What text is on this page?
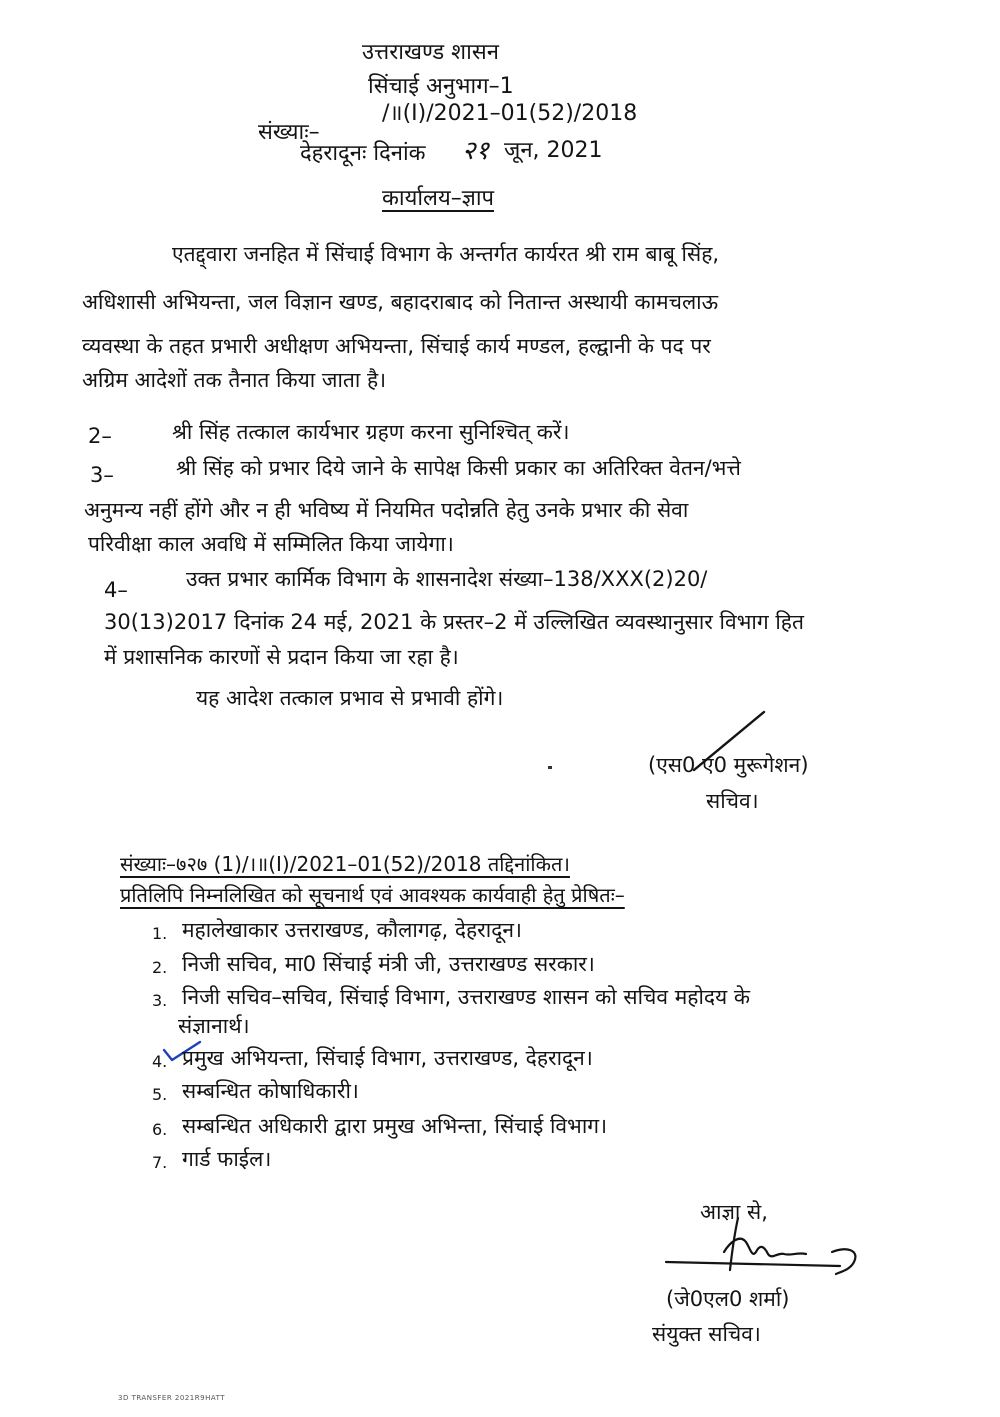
उत्तराखण्ड शासन
सिंचाई अनुभाग–1
संख्याः–
/॥(I)/2021–01(52)/2018
देहरादूनः दिनांक २१ जून, 2021
कार्यालय–ज्ञाप
एतद्द्वारा जनहित में सिंचाई विभाग के अन्तर्गत कार्यरत श्री राम बाबू सिंह,
अधिशासी अभियन्ता, जल विज्ञान खण्ड, बहादराबाद को नितान्त अस्थायी कामचलाऊ
व्यवस्था के तहत प्रभारी अधीक्षण अभियन्ता, सिंचाई कार्य मण्डल, हल्द्वानी के पद पर
अग्रिम आदेशों तक तैनात किया जाता है।
2–	श्री सिंह तत्काल कार्यभार ग्रहण करना सुनिश्चित् करें।
3–	श्री सिंह को प्रभार दिये जाने के सापेक्ष किसी प्रकार का अतिरिक्त वेतन/भत्ते
अनुमन्य नहीं होंगे और न ही भविष्य में नियमित पदोन्नति हेतु उनके प्रभार की सेवा
परिवीक्षा काल अवधि में सम्मिलित किया जायेगा।
4–	उक्त प्रभार कार्मिक विभाग के शासनादेश संख्या–138/XXX(2)20/
30(13)2017 दिनांक 24 मई, 2021 के प्रस्तर–2 में उल्लिखित व्यवस्थानुसार विभाग हित
में प्रशासनिक कारणों से प्रदान किया जा रहा है।
यह आदेश तत्काल प्रभाव से प्रभावी होंगे।
(एस0 ए0 मुरूगेशन)
सचिव।
संख्याः–७२७ (1)/।॥(I)/2021–01(52)/2018 तद्दिनांकित।
प्रतिलिपि निम्नलिखित को सूचनार्थ एवं आवश्यक कार्यवाही हेतु प्रेषितः–
1. महालेखाकार उत्तराखण्ड, कौलागढ़, देहरादून।
2. निजी सचिव, मा0 सिंचाई मंत्री जी, उत्तराखण्ड सरकार।
3. निजी सचिव–सचिव, सिंचाई विभाग, उत्तराखण्ड शासन को सचिव महोदय के
संज्ञानार्थ।
4. प्रमुख अभियन्ता, सिंचाई विभाग, उत्तराखण्ड, देहरादून।
5. सम्बन्धित कोषाधिकारी।
6. सम्बन्धित अधिकारी द्वारा प्रमुख अभिन्ता, सिंचाई विभाग।
7. गार्ड फाईल।
आज्ञा से,
(जे0एल0 शर्मा)
संयुक्त सचिव।
3D TRANSFER 2021R9HATT
